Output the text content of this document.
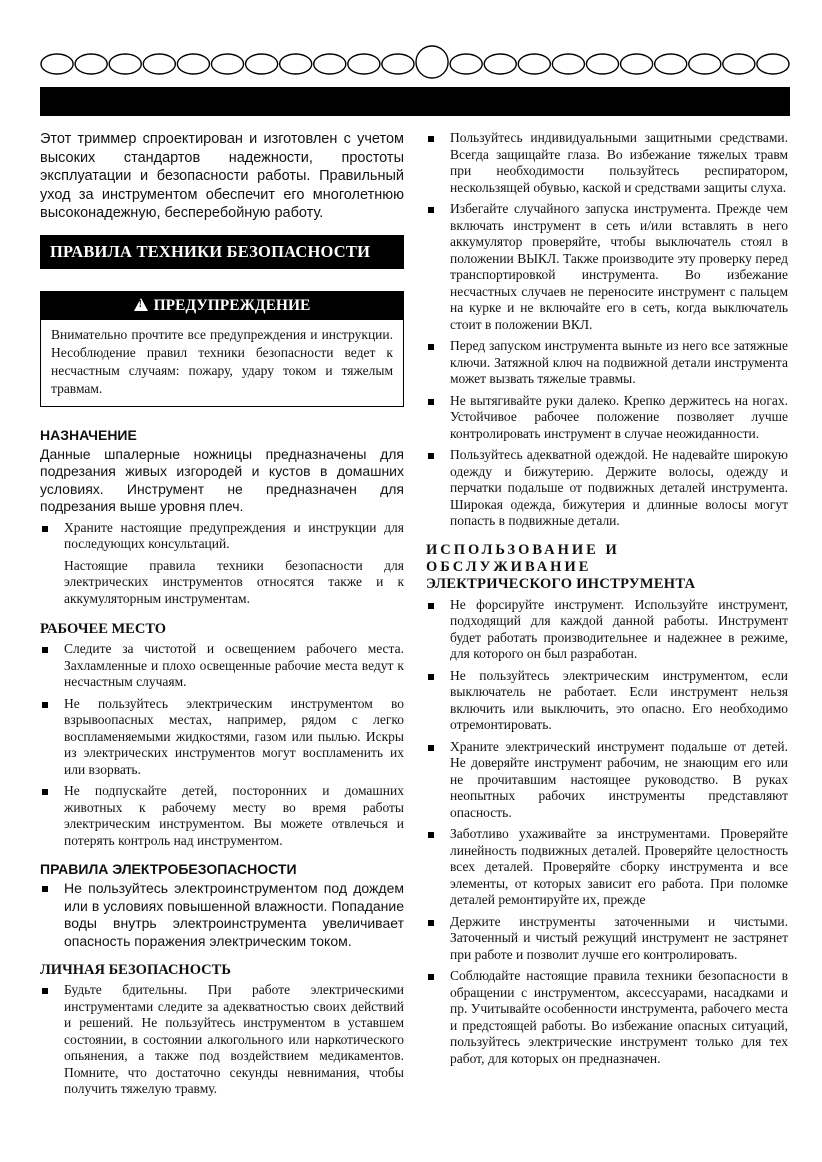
Этот триммер спроектирован и изготовлен с учетом высоких стандартов надежности, простоты эксплуатации и безопасности работы. Правильный уход за инструментом обеспечит его многолетнюю высоконадежную, бесперебойную работу.

ПРАВИЛА ТЕХНИКИ БЕЗОПАСНОСТИ
! ПРЕДУПРЕЖДЕНИЕ
Внимательно прочтите все предупреждения и инструкции. Несоблюдение правил техники безопасности ведет к несчастным случаям: пожару, удару током и тяжелым травмам.
НАЗНАЧЕНИЕ

Данные шпалерные ножницы предназначены для подрезания живых изгородей и кустов в домашних условиях. Инструмент не предназначен для подрезания выше уровня плеч.

Храните настоящие предупреждения и инструкции для последующих консультаций.

Настоящие правила техники безопасности для электрических инструментов относятся также и к аккумуляторным инструментам.

РАБОЧЕЕ МЕСТО
Следите за чистотой и освещением рабочего места. Захламленные и плохо освещенные рабочие места ведут к несчастным случаям.
Не пользуйтесь электрическим инструментом во взрывоопасных местах, например, рядом с легко воспламеняемыми жидкостями, газом или пылью. Искры из электрических инструментов могут воспламенить их или взорвать.
Не подпускайте детей, посторонних и домашних животных к рабочему месту во время работы электрическим инструментом. Вы можете отвлечься и потерять контроль над инструментом.
ПРАВИЛА ЭЛЕКТРОБЕЗОПАСНОСТИ
Не пользуйтесь электроинструментом под дождем или в условиях повышенной влажности. Попадание воды внутрь электроинструмента увеличивает опасность поражения электрическим током.
ЛИЧНАЯ БЕЗОПАСНОСТЬ
Будьте бдительны. При работе электрическими инструментами следите за адекватностью своих действий и решений. Не пользуйтесь инструментом в уставшем состоянии, в состоянии алкогольного или наркотического опьянения, а также под воздействием медикаментов. Помните, что достаточно секунды невнимания, чтобы получить тяжелую травму.
Пользуйтесь индивидуальными защитными средствами. Всегда защищайте глаза. Во избежание тяжелых травм при необходимости пользуйтесь респиратором, нескользящей обувью, каской и средствами защиты слуха.
Избегайте случайного запуска инструмента. Прежде чем включать инструмент в сеть и/или вставлять в него аккумулятор проверяйте, чтобы выключатель стоял в положении ВЫКЛ. Также производите эту проверку перед транспортировкой инструмента. Во избежание несчастных случаев не переносите инструмент с пальцем на курке и не включайте его в сеть, когда выключатель стоит в положении ВКЛ.
Перед запуском инструмента выньте из него все затяжные ключи. Затяжной ключ на подвижной детали инструмента может вызвать тяжелые травмы.
Не вытягивайте руки далеко. Крепко держитесь на ногах. Устойчивое рабочее положение позволяет лучше контролировать инструмент в случае неожиданности.
Пользуйтесь адекватной одеждой. Не надевайте широкую одежду и бижутерию. Держите волосы, одежду и перчатки подальше от подвижных деталей инструмента. Широкая одежда, бижутерия и длинные волосы могут попасть в подвижные детали.
ИСПОЛЬЗОВАНИЕ И ОБСЛУЖИВАНИЕ
ЭЛЕКТРИЧЕСКОГО ИНСТРУМЕНТА
Не форсируйте инструмент. Используйте инструмент, подходящий для каждой данной работы. Инструмент будет работать производительнее и надежнее в режиме, для которого он был разработан.
Не пользуйтесь электрическим инструментом, если выключатель не работает. Если инструмент нельзя включить или выключить, это опасно. Его необходимо отремонтировать.
Храните электрический инструмент подальше от детей. Не доверяйте инструмент рабочим, не знающим его или не прочитавшим настоящее руководство. В руках неопытных рабочих инструменты представляют опасность.
Заботливо ухаживайте за инструментами. Проверяйте линейность подвижных деталей. Проверяйте целостность всех деталей. Проверяйте сборку инструмента и все элементы, от которых зависит его работа. При поломке деталей ремонтируйте их, прежде
Держите инструменты заточенными и чистыми. Заточенный и чистый режущий инструмент не застрянет при работе и позволит лучше его контролировать.
Соблюдайте настоящие правила техники безопасности в обращении с инструментом, аксессуарами, насадками и пр. Учитывайте особенности инструмента, рабочего места и предстоящей работы. Во избежание опасных ситуаций, пользуйтесь электрические инструмент только для тех работ, для которых он предназначен.
